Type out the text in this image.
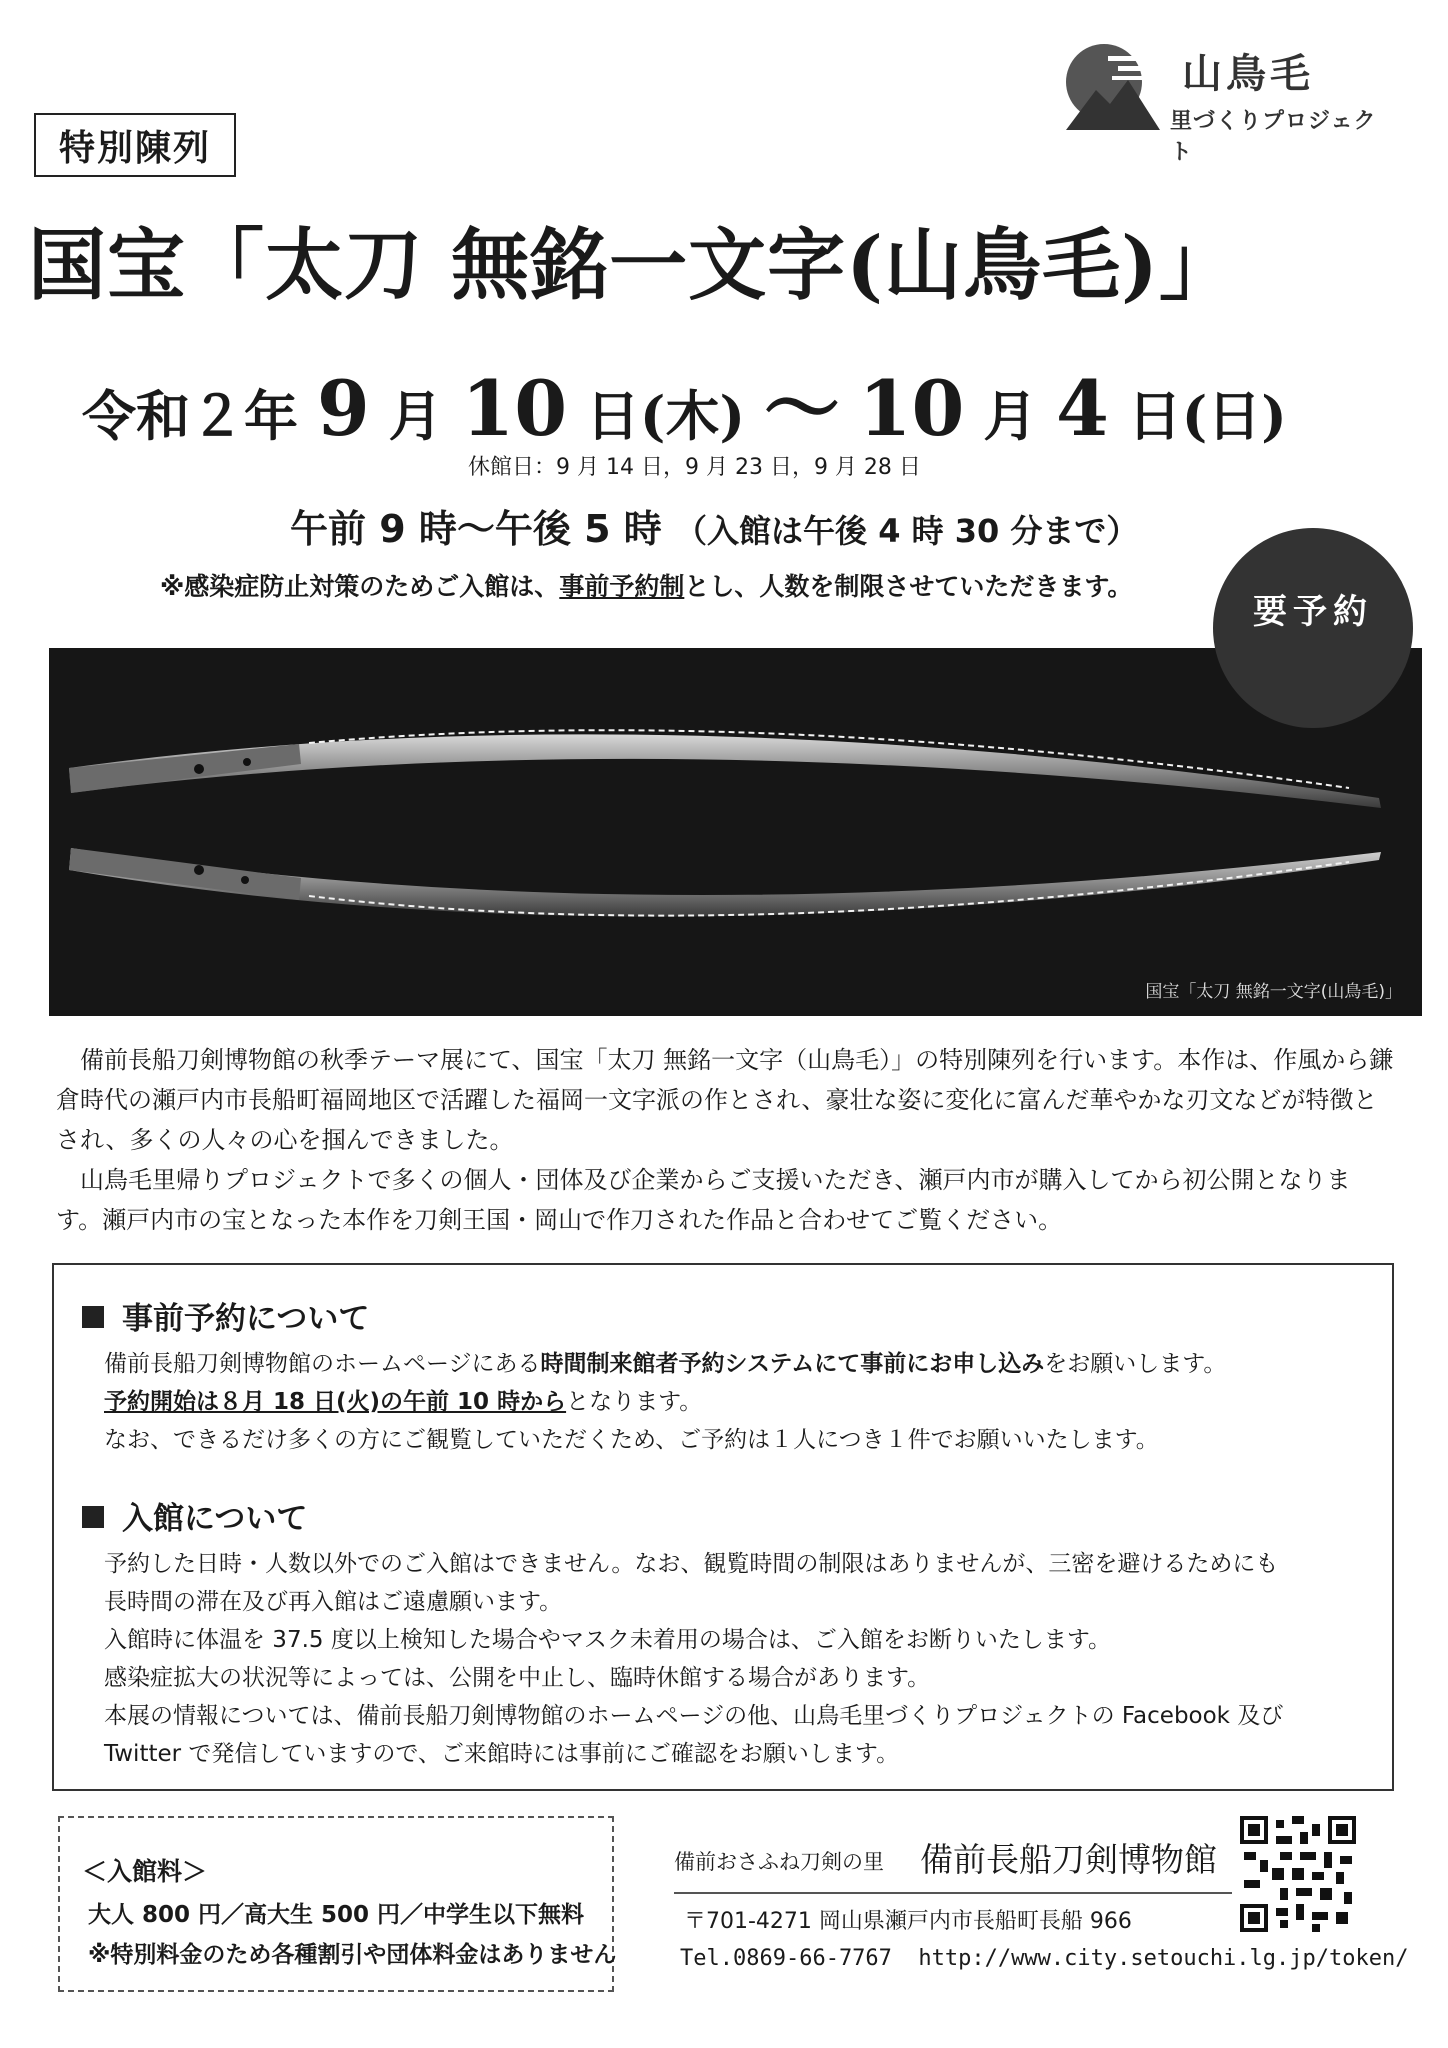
山鳥毛
里づくりプロジェクト
特別陳列
国宝「太刀 無銘一文字(山鳥毛)」
令和２年 9 月 10 日(木) 〜 10 月 4 日(日)
休館日：9 月 14 日，9 月 23 日，9 月 28 日
午前 9 時〜午後 5 時 （入館は午後 4 時 30 分まで）
※感染症防止対策のためご入館は、事前予約制とし、人数を制限させていただきます。
要予約
国宝「太刀 無銘一文字(山鳥毛)」

備前長船刀剣博物館の秋季テーマ展にて、国宝「太刀 無銘一文字（山鳥毛）」の特別陳列を行います。本作は、作風から鎌倉時代の瀬戸内市長船町福岡地区で活躍した福岡一文字派の作とされ、豪壮な姿に変化に富んだ華やかな刃文などが特徴とされ、多くの人々の心を掴んできました。

山鳥毛里帰りプロジェクトで多くの個人・団体及び企業からご支援いただき、瀬戸内市が購入してから初公開となります。瀬戸内市の宝となった本作を刀剣王国・岡山で作刀された作品と合わせてご覧ください。

事前予約について
備前長船刀剣博物館のホームページにある時間制来館者予約システムにて事前にお申し込みをお願いします。
予約開始は８月 18 日(火)の午前 10 時からとなります。
なお、できるだけ多くの方にご観覧していただくため、ご予約は１人につき１件でお願いいたします。
入館について
予約した日時・人数以外でのご入館はできません。なお、観覧時間の制限はありませんが、三密を避けるためにも
長時間の滞在及び再入館はご遠慮願います。
入館時に体温を 37.5 度以上検知した場合やマスク未着用の場合は、ご入館をお断りいたします。
感染症拡大の状況等によっては、公開を中止し、臨時休館する場合があります。
本展の情報については、備前長船刀剣博物館のホームページの他、山鳥毛里づくりプロジェクトの Facebook 及び
Twitter で発信していますので、ご来館時には事前にご確認をお願いします。
＜入館料＞
大人 800 円／高大生 500 円／中学生以下無料
※特別料金のため各種割引や団体料金はありません
備前おさふね刀剣の里 備前長船刀剣博物館
〒701-4271 岡山県瀬戸内市長船町長船 966
Tel.0869-66-7767 http://www.city.setouchi.lg.jp/token/
